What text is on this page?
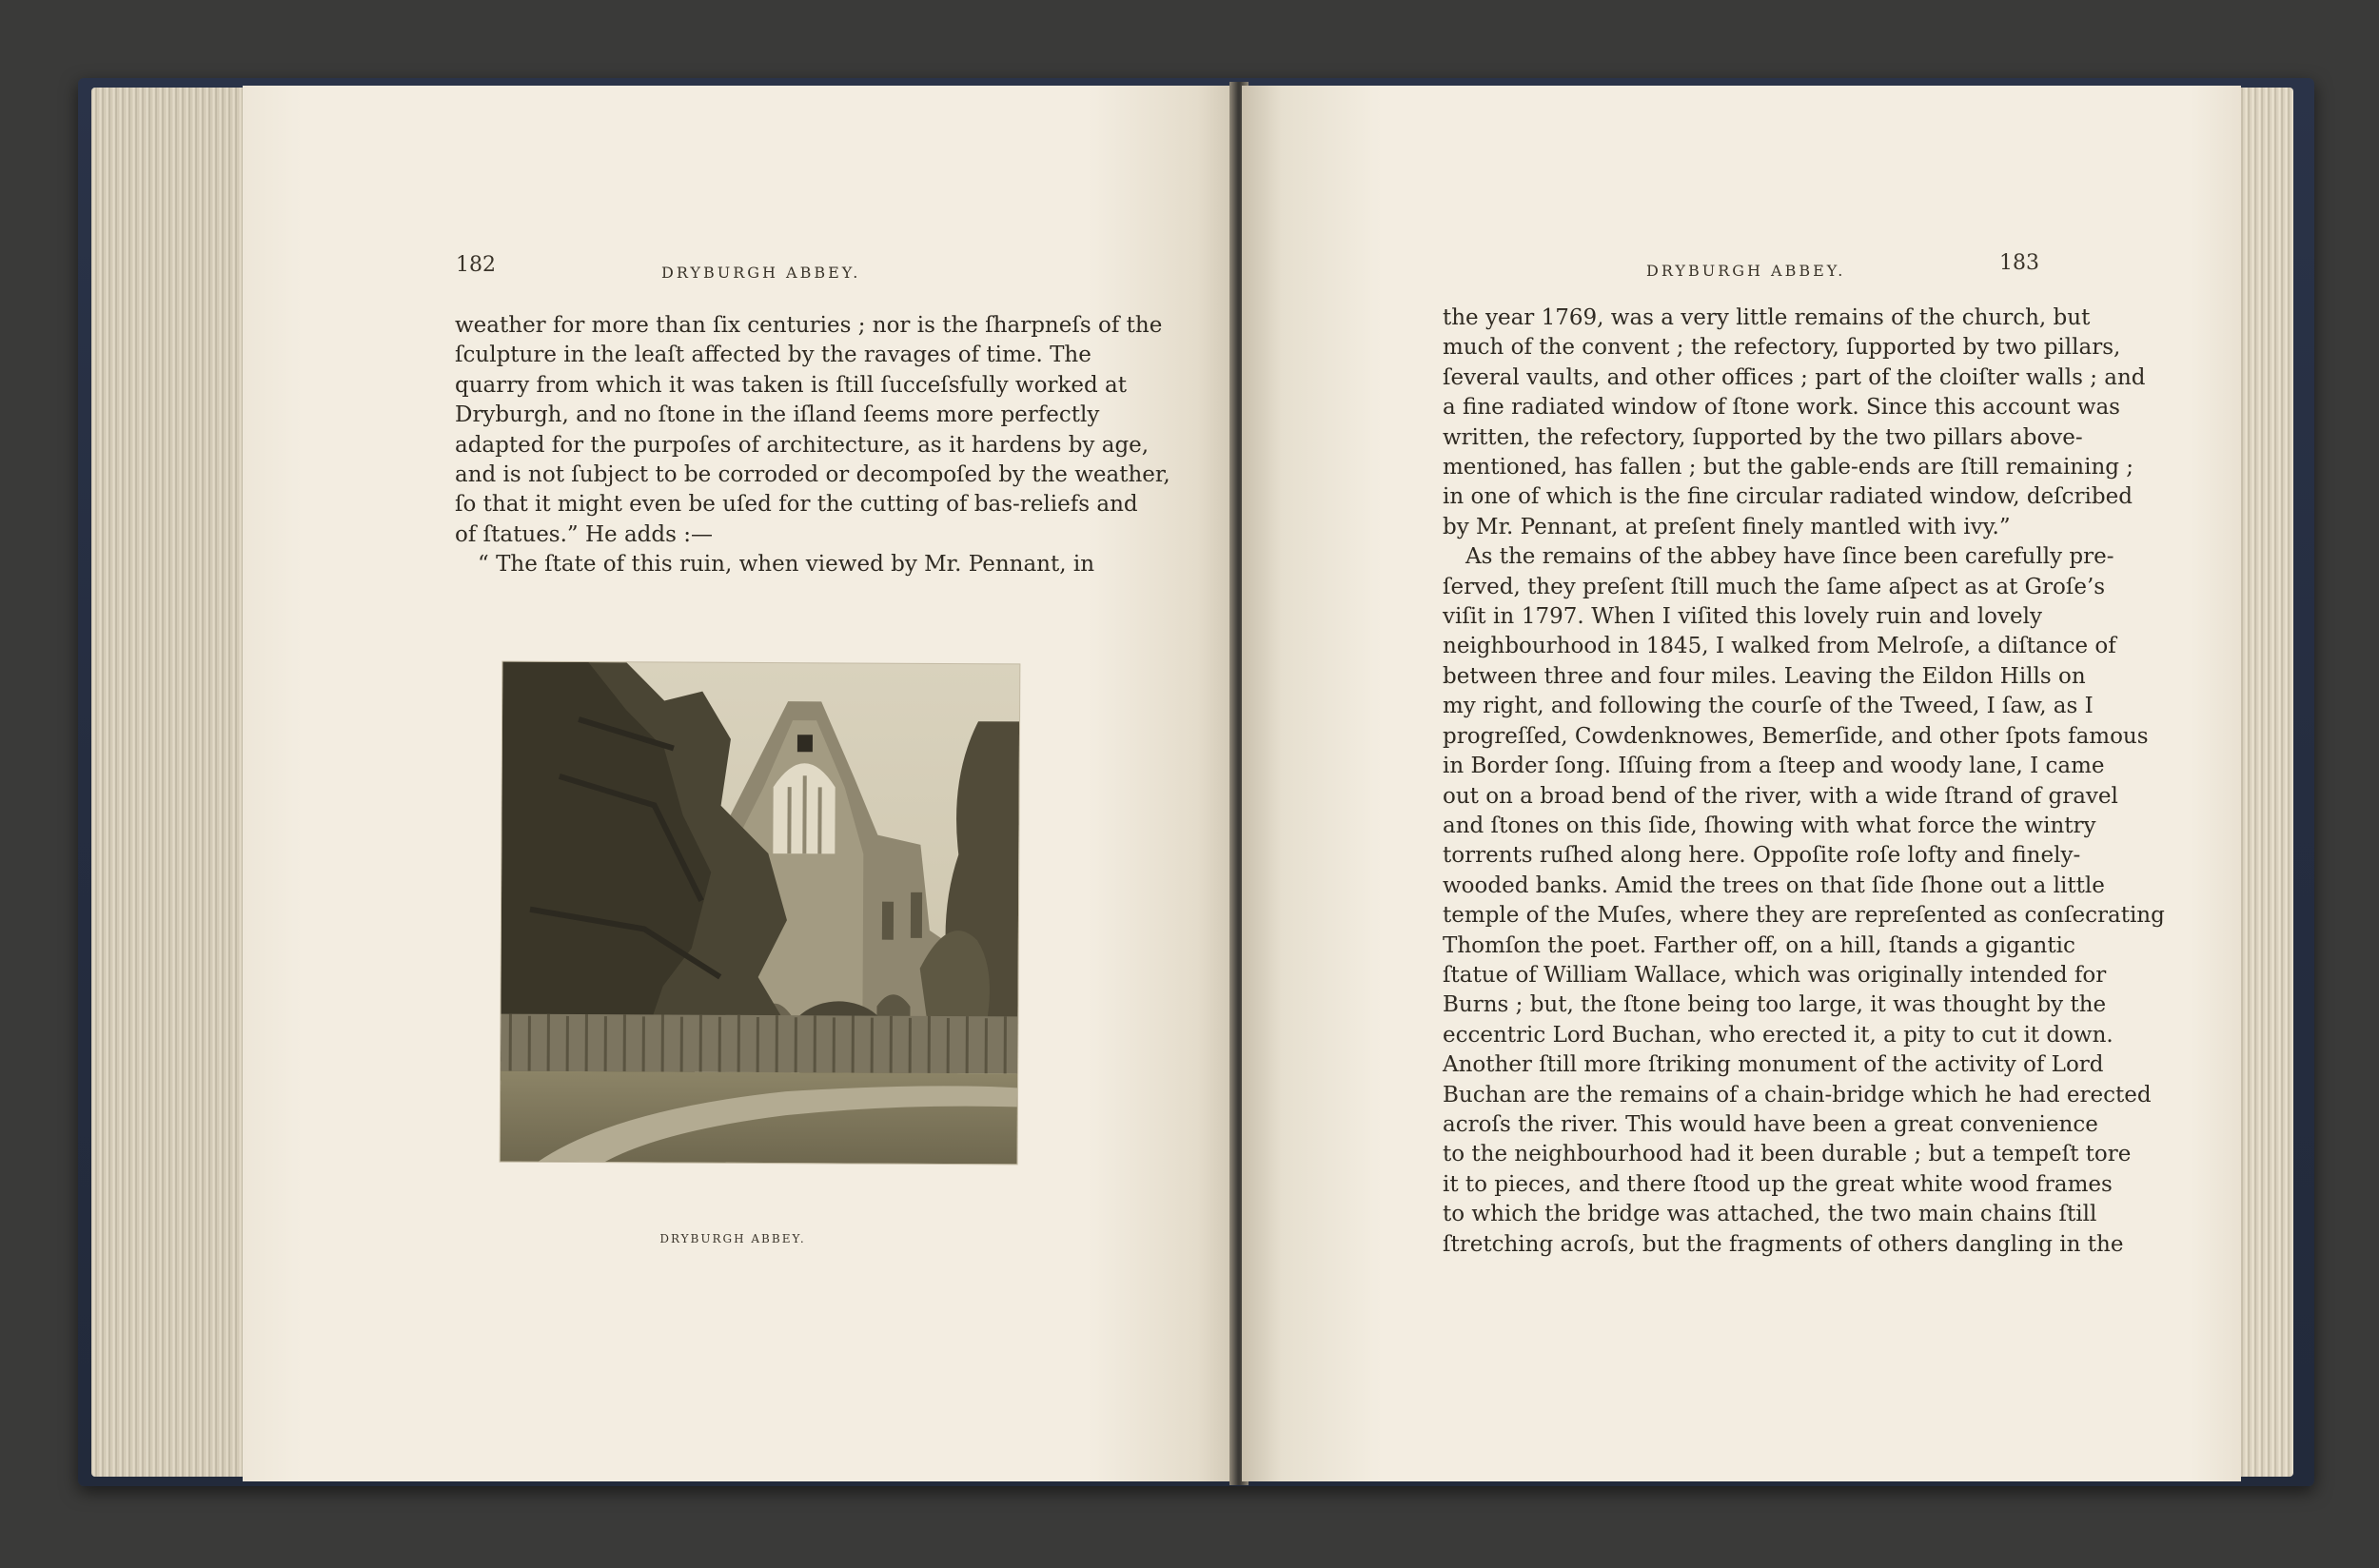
182	DRYBURGH ABBEY.
weather for more than ſix centuries ; nor is the ſharpneſs of the
ſculpture in the leaſt affected by the ravages of time. The
quarry from which it was taken is ſtill ſucceſsfully worked at
Dryburgh, and no ſtone in the iſland ſeems more perfectly
adapted for the purpoſes of architecture, as it hardens by age,
and is not ſubject to be corroded or decompoſed by the weather,
ſo that it might even be uſed for the cutting of bas-reliefs and
of ſtatues.” He adds :—
“ The ſtate of this ruin, when viewed by Mr. Pennant, in
DRYBURGH ABBEY.
DRYBURGH ABBEY.	183
the year 1769, was a very little remains of the church, but
much of the convent ; the refectory, ſupported by two pillars,
ſeveral vaults, and other offices ; part of the cloiſter walls ; and
a fine radiated window of ſtone work. Since this account was
written, the refectory, ſupported by the two pillars above-
mentioned, has fallen ; but the gable-ends are ſtill remaining ;
in one of which is the fine circular radiated window, deſcribed
by Mr. Pennant, at preſent finely mantled with ivy.”
As the remains of the abbey have ſince been carefully pre-
ſerved, they preſent ſtill much the ſame aſpect as at Groſe’s
viſit in 1797. When I viſited this lovely ruin and lovely
neighbourhood in 1845, I walked from Melroſe, a diſtance of
between three and four miles. Leaving the Eildon Hills on
my right, and following the courſe of the Tweed, I ſaw, as I
progreſſed, Cowdenknowes, Bemerſide, and other ſpots famous
in Border ſong. Iſſuing from a ſteep and woody lane, I came
out on a broad bend of the river, with a wide ſtrand of gravel
and ſtones on this ſide, ſhowing with what force the wintry
torrents ruſhed along here. Oppoſite roſe lofty and finely-
wooded banks. Amid the trees on that ſide ſhone out a little
temple of the Muſes, where they are repreſented as conſecrating
Thomſon the poet. Farther off, on a hill, ſtands a gigantic
ſtatue of William Wallace, which was originally intended for
Burns ; but, the ſtone being too large, it was thought by the
eccentric Lord Buchan, who erected it, a pity to cut it down.
Another ſtill more ſtriking monument of the activity of Lord
Buchan are the remains of a chain-bridge which he had erected
acroſs the river. This would have been a great convenience
to the neighbourhood had it been durable ; but a tempeſt tore
it to pieces, and there ſtood up the great white wood frames
to which the bridge was attached, the two main chains ſtill
ſtretching acroſs, but the fragments of others dangling in the
